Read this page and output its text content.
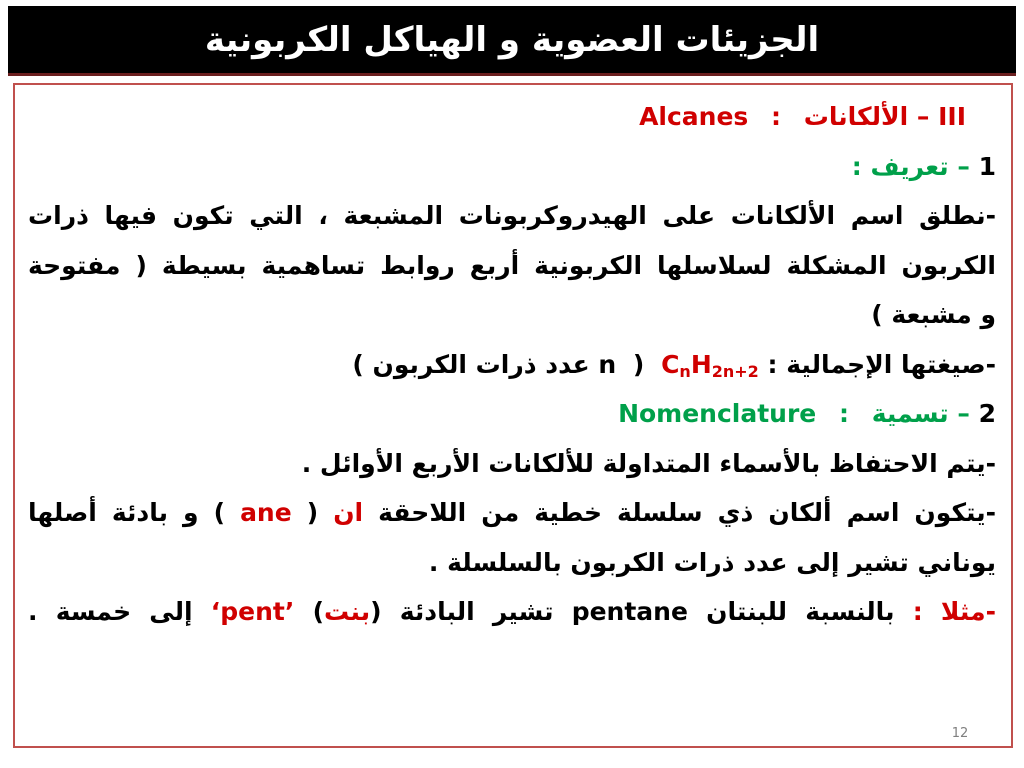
الجزيئات العضوية و الهياكل الكربونية
III – الألكانات : Alcanes
1 – تعريف :
-نطلق اسم الألكانات على الهيدروكربونات المشبعة ، التي تكون فيها ذرات
الكربون المشكلة لسلاسلها الكربونية أربع روابط تساهمية بسيطة ( مفتوحة
و مشبعة )
-صيغتها الإجمالية : $C_nH_{2n+2}$ ( n عدد ذرات الكربون )
2 – تسمية : Nomenclature
-يتم الاحتفاظ بالأسماء المتداولة للألكانات الأربع الأوائل .
-يتكون اسم ألكان ذي سلسلة خطية من اللاحقة ان ( ane ) و بادئة أصلها
يوناني تشير إلى عدد ذرات الكربون بالسلسلة .
-مثلا : بالنسبة للبنتان pentane تشير البادئة (بنت) ‘pent’ إلى خمسة .
12
